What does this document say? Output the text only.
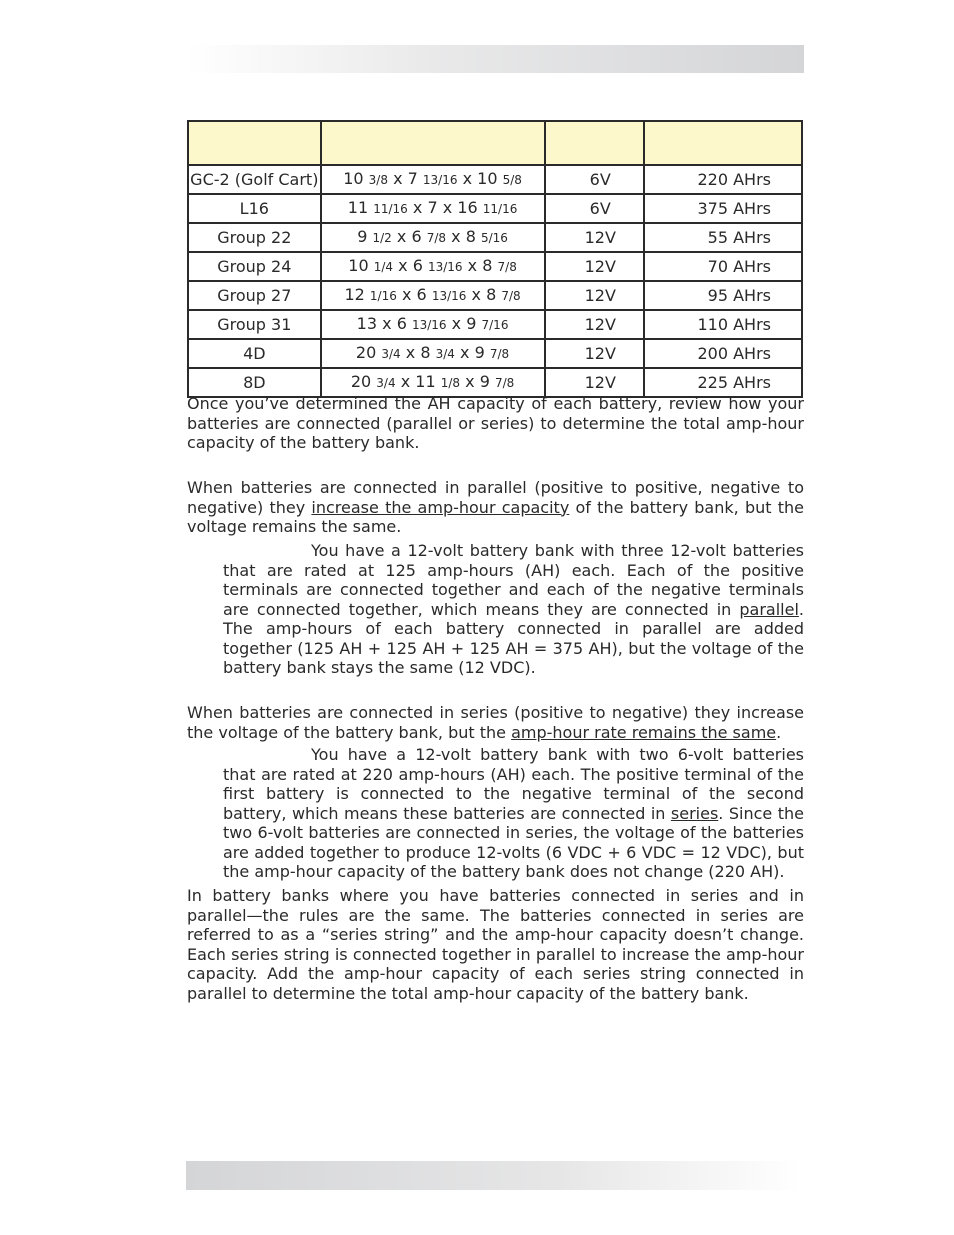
GC-2 (Golf Cart)	10 3/8 x 7 13/16 x 10 5/8	6V	220 AHrs
L16	11 11/16 x 7 x 16 11/16	6V	375 AHrs
Group 22	9 1/2 x 6 7/8 x 8 5/16	12V	55 AHrs
Group 24	10 1/4 x 6 13/16 x 8 7/8	12V	70 AHrs
Group 27	12 1/16 x 6 13/16 x 8 7/8	12V	95 AHrs
Group 31	13 x 6 13/16 x 9 7/16	12V	110 AHrs
4D	20 3/4 x 8 3/4 x 9 7/8	12V	200 AHrs
8D	20 3/4 x 11 1/8 x 9 7/8	12V	225 AHrs

Once you’ve determined the AH capacity of each battery, review how your batteries are connected (parallel or series) to determine the total amp-hour capacity of the battery bank.

When batteries are connected in parallel (positive to positive, negative to negative) they increase the amp-hour capacity of the battery bank, but the voltage remains the same.

You have a 12-volt battery bank with three 12-volt batteries that are rated at 125 amp-hours (AH) each. Each of the positive terminals are connected together and each of the negative terminals are connected together, which means they are connected in parallel. The amp-hours of each battery connected in parallel are added together (125 AH + 125 AH + 125 AH = 375 AH), but the voltage of the battery bank stays the same (12 VDC).

When batteries are connected in series (positive to negative) they increase the voltage of the battery bank, but the amp-hour rate remains the same.

You have a 12-volt battery bank with two 6-volt batteries that are rated at 220 amp-hours (AH) each. The positive terminal of the first battery is connected to the negative terminal of the second battery, which means these batteries are connected in series. Since the two 6-volt batteries are connected in series, the voltage of the batteries are added together to produce 12-volts (6 VDC + 6 VDC = 12 VDC), but the amp-hour capacity of the battery bank does not change (220 AH).

In battery banks where you have batteries connected in series and in parallel—the rules are the same. The batteries connected in series are referred to as a “series string” and the amp-hour capacity doesn’t change. Each series string is connected together in parallel to increase the amp-hour capacity. Add the amp-hour capacity of each series string connected in parallel to determine the total amp-hour capacity of the battery bank.
